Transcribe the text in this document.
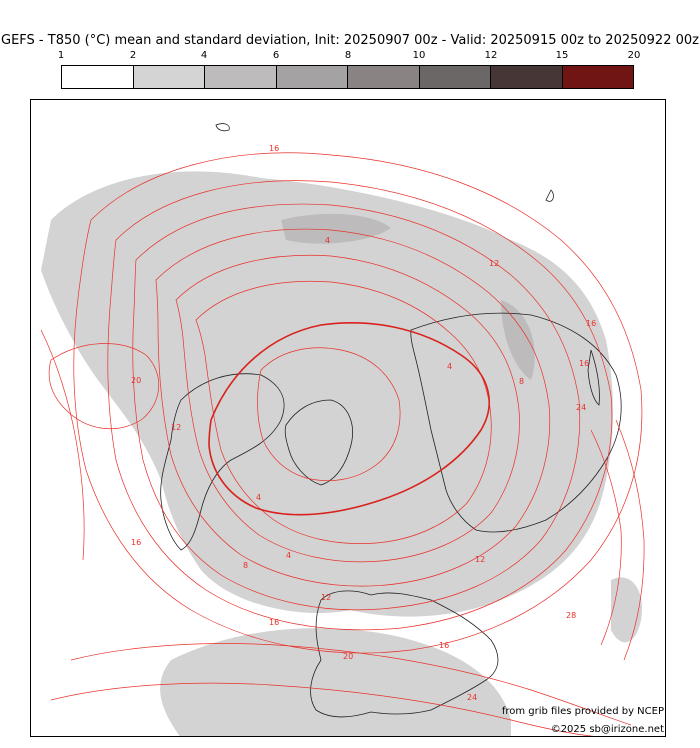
GEFS - T850 (°C) mean and standard deviation, Init: 20250907 00z - Valid: 20250915 00z to 20250922 00z
1	2	4	6	8	10	12	15	20
16
4
12
16
20
12
4
4
8
16
16
24
12
4
8
12
16
20
16
24
28
from grib files provided by NCEP
©2025 sb@irizone.net
